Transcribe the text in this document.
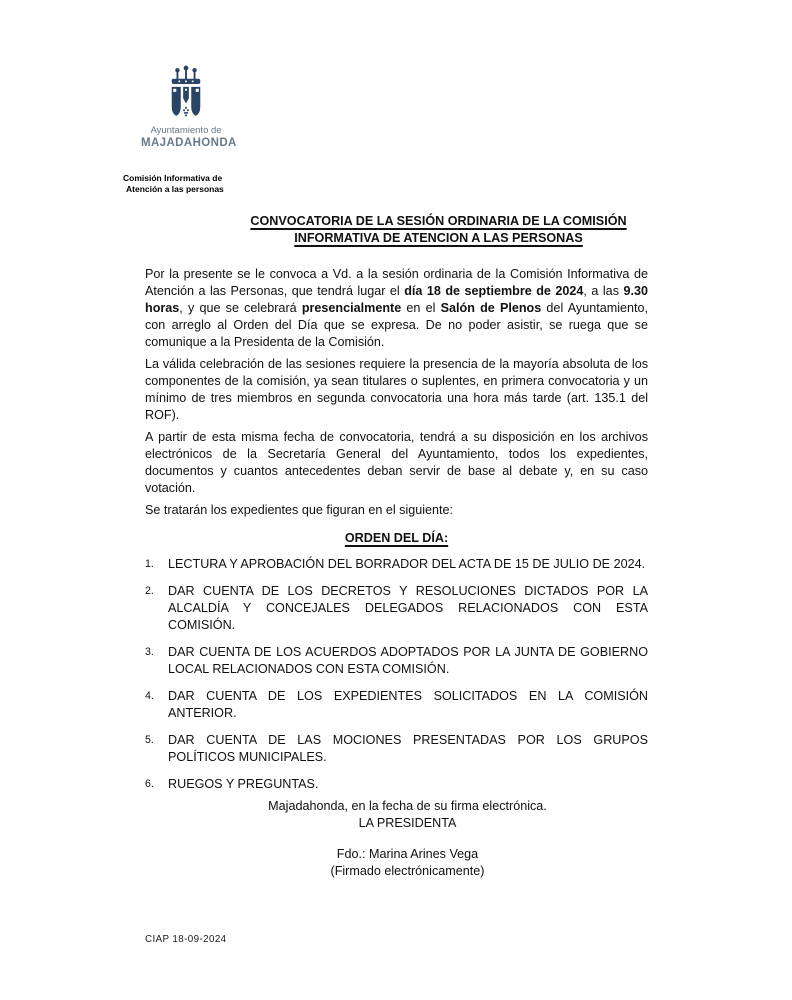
Ayuntamiento de
MAJADAHONDA
Comisión Informativa de
Atención a las personas
CONVOCATORIA DE LA SESIÓN ORDINARIA DE LA COMISIÓN
INFORMATIVA DE ATENCION A LAS PERSONAS

Por la presente se le convoca a Vd. a la sesión ordinaria de la Comisión Informativa de Atención a las Personas, que tendrá lugar el día 18 de septiembre de 2024, a las 9.30 horas, y que se celebrará presencialmente en el Salón de Plenos del Ayuntamiento, con arreglo al Orden del Día que se expresa. De no poder asistir, se ruega que se comunique a la Presidenta de la Comisión.

La válida celebración de las sesiones requiere la presencia de la mayoría absoluta de los componentes de la comisión, ya sean titulares o suplentes, en primera convocatoria y un mínimo de tres miembros en segunda convocatoria una hora más tarde (art. 135.1 del ROF).

A partir de esta misma fecha de convocatoria, tendrá a su disposición en los archivos electrónicos de la Secretaría General del Ayuntamiento, todos los expedientes, documentos y cuantos antecedentes deban servir de base al debate y, en su caso votación.

Se tratarán los expedientes que figuran en el siguiente:

ORDEN DEL DÍA:
1.	LECTURA Y APROBACIÓN DEL BORRADOR DEL ACTA DE 15 DE JULIO DE 2024.
2.	DAR CUENTA DE LOS DECRETOS Y RESOLUCIONES DICTADOS POR LA ALCALDÍA Y CONCEJALES DELEGADOS RELACIONADOS CON ESTA COMISIÓN.
3.	DAR CUENTA DE LOS ACUERDOS ADOPTADOS POR LA JUNTA DE GOBIERNO LOCAL RELACIONADOS CON ESTA COMISIÓN.
4.	DAR CUENTA DE LOS EXPEDIENTES SOLICITADOS EN LA COMISIÓN ANTERIOR.
5.	DAR CUENTA DE LAS MOCIONES PRESENTADAS POR LOS GRUPOS POLÍTICOS MUNICIPALES.
6.	RUEGOS Y PREGUNTAS.
Majadahonda, en la fecha de su firma electrónica.
LA PRESIDENTA
Fdo.: Marina Arines Vega
(Firmado electrónicamente)
CIAP 18-09-2024
